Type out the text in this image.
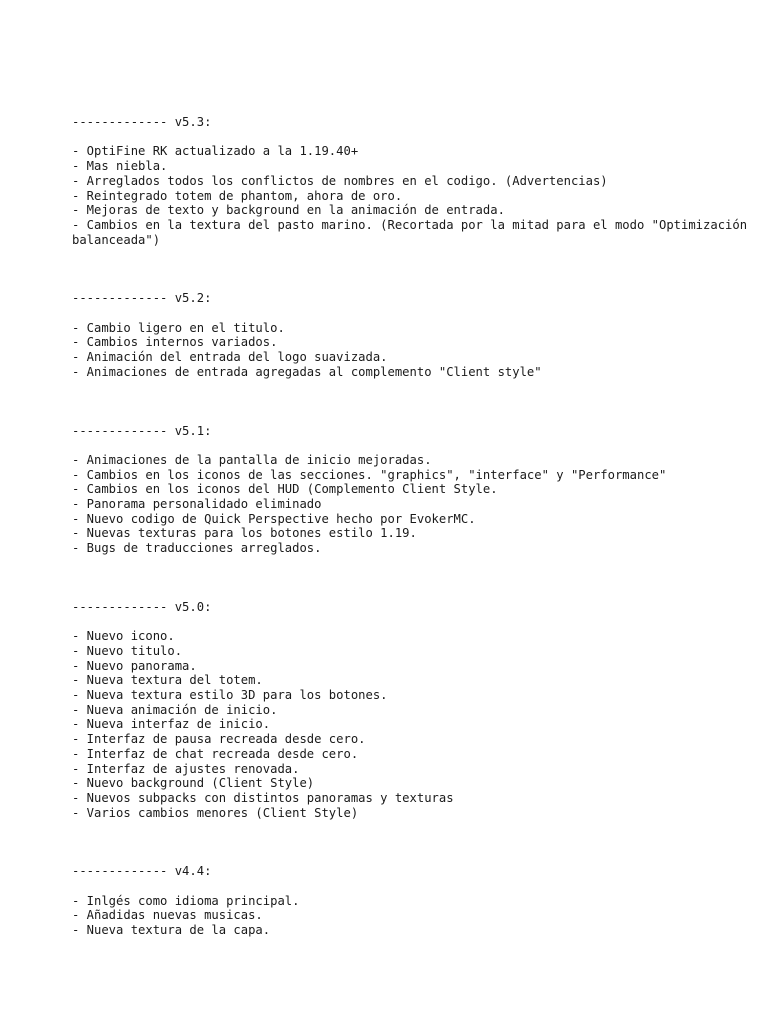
------------- v5.3:
- OptiFine RK actualizado a la 1.19.40+
- Mas niebla.
- Arreglados todos los conflictos de nombres en el codigo. (Advertencias)
- Reintegrado totem de phantom, ahora de oro.
- Mejoras de texto y background en la animación de entrada.
- Cambios en la textura del pasto marino. (Recortada por la mitad para el modo "Optimización balanceada")
------------- v5.2:
- Cambio ligero en el titulo.
- Cambios internos variados.
- Animación del entrada del logo suavizada.
- Animaciones de entrada agregadas al complemento "Client style"
------------- v5.1:
- Animaciones de la pantalla de inicio mejoradas.
- Cambios en los iconos de las secciones. "graphics", "interface" y "Performance"
- Cambios en los iconos del HUD (Complemento Client Style.
- Panorama personalidado eliminado
- Nuevo codigo de Quick Perspective hecho por EvokerMC.
- Nuevas texturas para los botones estilo 1.19.
- Bugs de traducciones arreglados.
------------- v5.0:
- Nuevo icono.
- Nuevo titulo.
- Nuevo panorama.
- Nueva textura del totem.
- Nueva textura estilo 3D para los botones.
- Nueva animación de inicio.
- Nueva interfaz de inicio.
- Interfaz de pausa recreada desde cero.
- Interfaz de chat recreada desde cero.
- Interfaz de ajustes renovada.
- Nuevo background (Client Style)
- Nuevos subpacks con distintos panoramas y texturas
- Varios cambios menores (Client Style)
------------- v4.4:
- Inlgés como idioma principal.
- Añadidas nuevas musicas.
- Nueva textura de la capa.
